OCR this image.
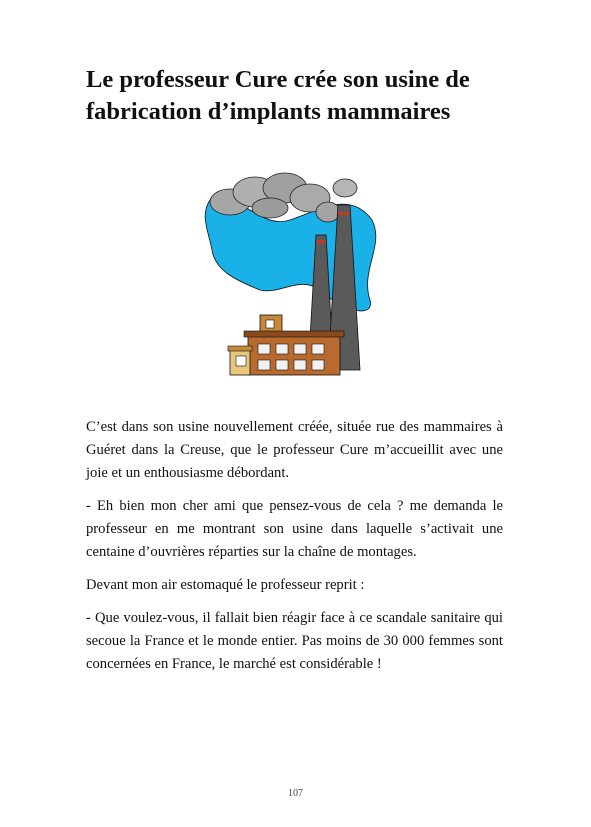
Le professeur Cure crée son usine de fabrication d’implants mammaires

C’est dans son usine nouvellement créée, située rue des mammaires à Guéret dans la Creuse, que le professeur Cure m’accueillit avec une joie et un enthousiasme débordant.

- Eh bien mon cher ami que pensez-vous de cela ? me demanda le professeur en me montrant son usine dans laquelle s’activait une centaine d’ouvrières réparties sur la chaîne de montages.

Devant mon air estomaqué le professeur reprit :

- Que voulez-vous, il fallait bien réagir face à ce scandale sanitaire qui secoue la France et le monde entier. Pas moins de 30 000 femmes sont concernées en France, le marché est considérable !

107
